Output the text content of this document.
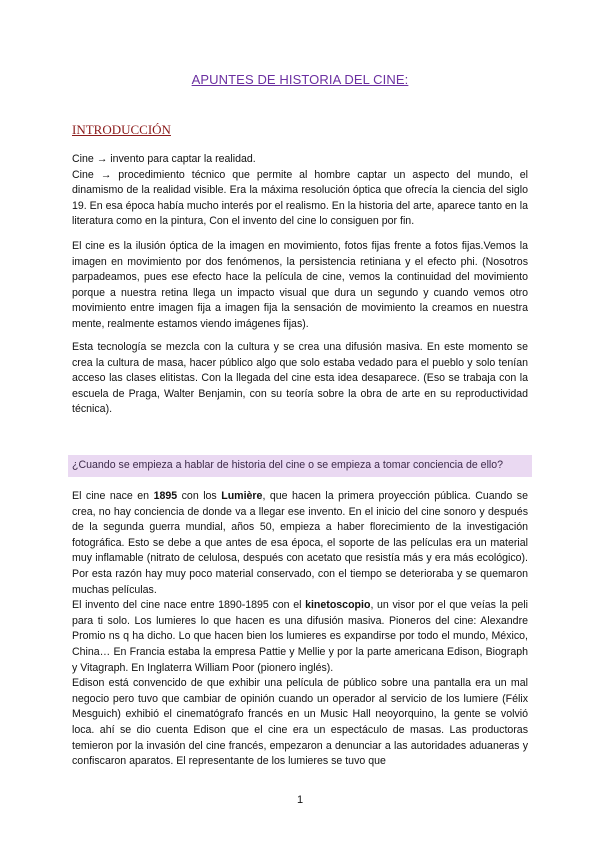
APUNTES DE HISTORIA DEL CINE:
INTRODUCCIÓN
Cine → invento para captar la realidad.
Cine → procedimiento técnico que permite al hombre captar un aspecto del mundo, el dinamismo de la realidad visible. Era la máxima resolución óptica que ofrecía la ciencia del siglo 19. En esa época había mucho interés por el realismo. En la historia del arte, aparece tanto en la literatura como en la pintura, Con el invento del cine lo consiguen por fin.

El cine es la ilusión óptica de la imagen en movimiento, fotos fijas frente a fotos fijas.Vemos la imagen en movimiento por dos fenómenos, la persistencia retiniana y el efecto phi. (Nosotros parpadeamos, pues ese efecto hace la película de cine, vemos la continuidad del movimiento porque a nuestra retina llega un impacto visual que dura un segundo y cuando vemos otro movimiento entre imagen fija a imagen fija la sensación de movimiento la creamos en nuestra mente, realmente estamos viendo imágenes fijas).

Esta tecnología se mezcla con la cultura y se crea una difusión masiva. En este momento se crea la cultura de masa, hacer público algo que solo estaba vedado para el pueblo y solo tenían acceso las clases elitistas. Con la llegada del cine esta idea desaparece. (Eso se trabaja con la escuela de Praga, Walter Benjamin, con su teoría sobre la obra de arte en su reproductividad técnica).

¿Cuando se empieza a hablar de historia del cine o se empieza a tomar conciencia de ello?
El cine nace en 1895 con los Lumière, que hacen la primera proyección pública. Cuando se crea, no hay conciencia de donde va a llegar ese invento. En el inicio del cine sonoro y después de la segunda guerra mundial, años 50, empieza a haber florecimiento de la investigación fotográfica. Esto se debe a que antes de esa época, el soporte de las películas era un material muy inflamable (nitrato de celulosa, después con acetato que resistía más y era más ecológico). Por esta razón hay muy poco material conservado, con el tiempo se deterioraba y se quemaron muchas películas.
El invento del cine nace entre 1890-1895 con el kinetoscopio, un visor por el que veías la peli para ti solo. Los lumieres lo que hacen es una difusión masiva. Pioneros del cine: Alexandre Promio ns q ha dicho. Lo que hacen bien los lumieres es expandirse por todo el mundo, México, China… En Francia estaba la empresa Pattie y Mellie y por la parte americana Edison, Biograph y Vitagraph. En Inglaterra William Poor (pionero inglés).
Edison está convencido de que exhibir una película de público sobre una pantalla era un mal negocio pero tuvo que cambiar de opinión cuando un operador al servicio de los lumiere (Félix Mesguich) exhibió el cinematógrafo francés en un Music Hall neoyorquino, la gente se volvió loca. ahí se dio cuenta Edison que el cine era un espectáculo de masas. Las productoras temieron por la invasión del cine francés, empezaron a denunciar a las autoridades aduaneras y confiscaron aparatos. El representante de los lumieres se tuvo que
1
